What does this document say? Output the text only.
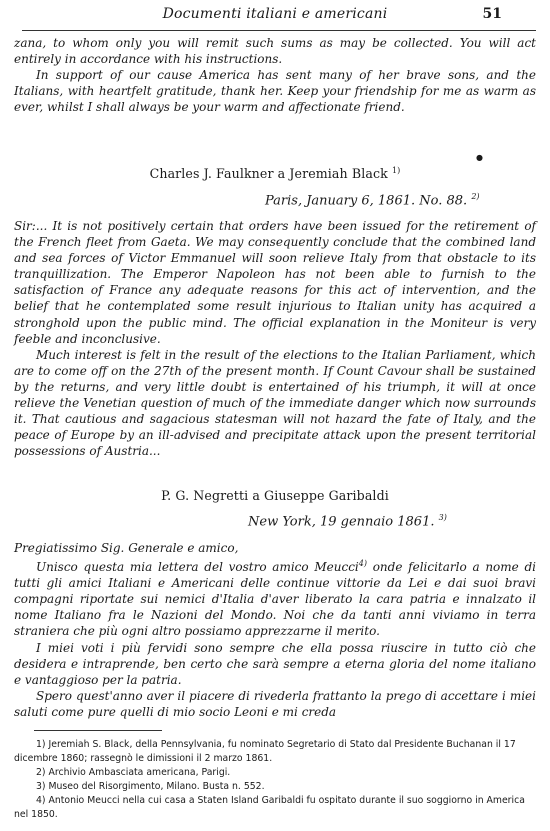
Documenti italiani e americani	51

zana, to whom only you will remit such sums as may be collected. You will act entirely in accordance with his instructions.

In support of our cause America has sent many of her brave sons, and the Italians, with heartfelt gratitude, thank her. Keep your friendship for me as warm as ever, whilst I shall always be your warm and affectionate friend.

●
Charles J. Faulkner a Jeremiah Black $^{1)}$
Paris, January 6, 1861. No. 88. $^{2)}$

Sir:... It is not positively certain that orders have been issued for the retirement of the French fleet from Gaeta. We may consequently conclude that the combined land and sea forces of Victor Emmanuel will soon relieve Italy from that obstacle to its tranquillization. The Emperor Napoleon has not been able to furnish to the satisfaction of France any adequate reasons for this act of intervention, and the belief that he contemplated some result injurious to Italian unity has acquired a stronghold upon the public mind. The official explanation in the Moniteur is very feeble and inconclusive.

Much interest is felt in the result of the elections to the Italian Parliament, which are to come off on the 27th of the present month. If Count Cavour shall be sustained by the returns, and very little doubt is entertained of his triumph, it will at once relieve the Venetian question of much of the immediate danger which now surrounds it. That cautious and sagacious statesman will not hazard the fate of Italy, and the peace of Europe by an ill-advised and precipitate attack upon the present territorial possessions of Austria...

P. G. Negretti a Giuseppe Garibaldi
New York, 19 gennaio 1861. $^{3)}$

Pregiatissimo Sig. Generale e amico,

Unisco questa mia lettera del vostro amico Meucci$^{4)}$ onde felicitarlo a nome di tutti gli amici Italiani e Americani delle continue vittorie da Lei e dai suoi bravi compagni riportate sui nemici d'Italia d'aver liberato la cara patria e innalzato il nome Italiano fra le Nazioni del Mondo. Noi che da tanti anni viviamo in terra straniera che più ogni altro possiamo apprezzarne il merito.

I miei voti i più fervidi sono sempre che ella possa riuscire in tutto ciò che desidera e intraprende, ben certo che sarà sempre a eterna gloria del nome italiano e vantaggioso per la patria.

Spero quest'anno aver il piacere di rivederla frattanto la prego di accettare i miei saluti come pure quelli di mio socio Leoni e mi creda

1) Jeremiah S. Black, della Pennsylvania, fu nominato Segretario di Stato dal Presidente Buchanan il 17 dicembre 1860; rassegnò le dimissioni il 2 marzo 1861.

2) Archivio Ambasciata americana, Parigi.

3) Museo del Risorgimento, Milano. Busta n. 552.

4) Antonio Meucci nella cui casa a Staten Island Garibaldi fu ospitato durante il suo soggiorno in America nel 1850.
